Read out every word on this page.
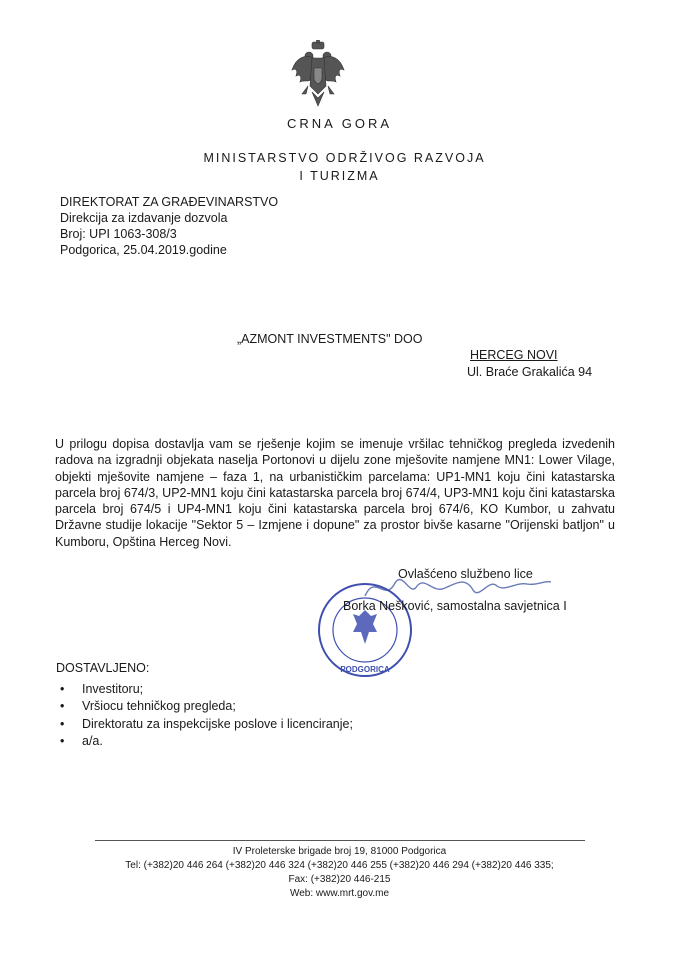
CRNA GORA
MINISTARSTVO ODRŽIVOG RAZVOJA
I TURIZMA
DIREKTORAT ZA GRAĐEVINARSTVO
Direkcija za izdavanje dozvola
Broj: UPI 1063-308/3
Podgorica, 25.04.2019.godine
„AZMONT INVESTMENTS" DOO
HERCEG NOVI
Ul. Braće Grakalića 94
U prilogu dopisa dostavlja vam se rješenje kojim se imenuje vršilac tehničkog pregleda izvedenih radova na izgradnji objekata naselja Portonovi u dijelu zone mješovite namjene MN1: Lower Vilage, objekti mješovite namjene – faza 1, na urbanističkim parcelama: UP1-MN1 koju čini katastarska parcela broj 674/3, UP2-MN1 koju čini katastarska parcela broj 674/4, UP3-MN1 koju čini katastarska parcela broj 674/5 i UP4-MN1 koju čini katastarska parcela broj 674/6, KO Kumbor, u zahvatu Državne studije lokacije "Sektor 5 – Izmjene i dopune" za prostor bivše kasarne "Orijenski batljon" u Kumboru, Opština Herceg Novi.
PODGORICA
Ovlašćeno službeno lice
Borka Nešković, samostalna savjetnica I
DOSTAVLJENO:
•	Investitoru;
•	Vršiocu tehničkog pregleda;
•	Direktoratu za inspekcijske poslove i licenciranje;
•	a/a.
IV Proleterske brigade broj 19, 81000 Podgorica
Tel: (+382)20 446 264 (+382)20 446 324 (+382)20 446 255 (+382)20 446 294 (+382)20 446 335;
Fax: (+382)20 446-215
Web: www.mrt.gov.me
